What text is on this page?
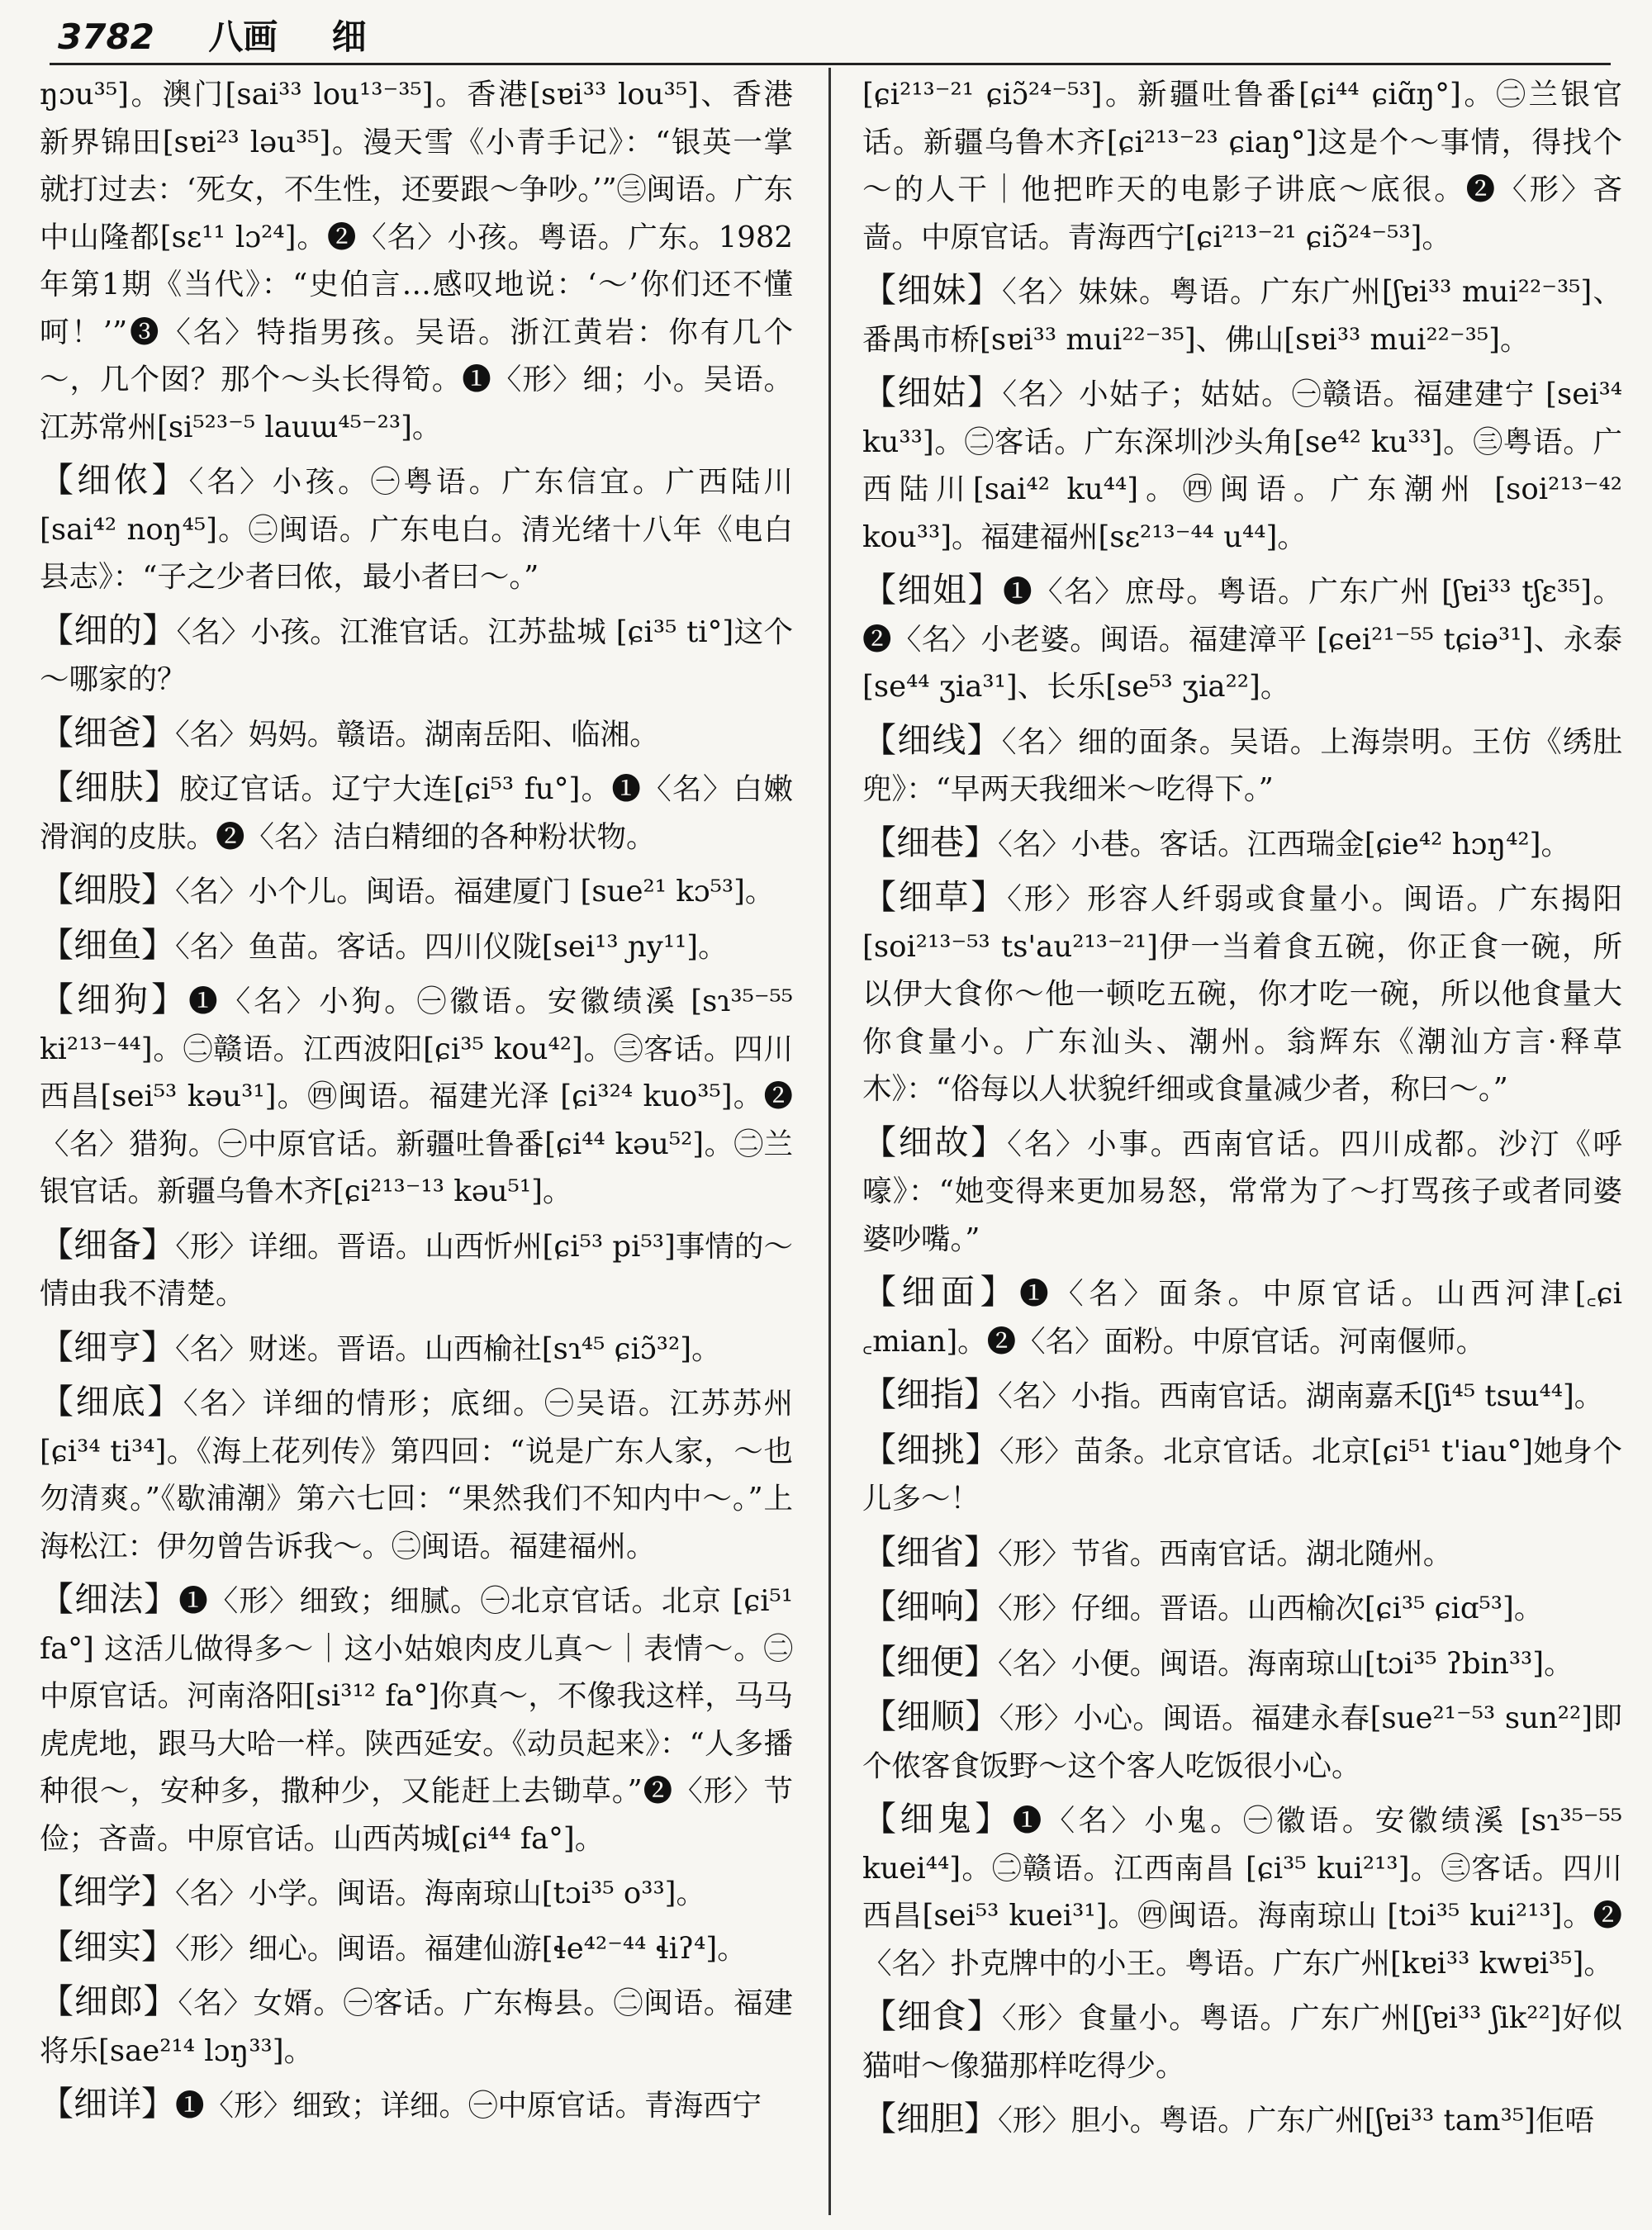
3782 八画 细

ŋɔu³⁵]。澳门[sai³³ lou¹³⁻³⁵]。香港[sɐi³³ lou³⁵]、香港新界锦田[sɐi²³ ləu³⁵]。漫天雪《小青手记》：“银英一掌就打过去：‘死女，不生性，还要跟～争吵。’”㊂闽语。广东中山隆都[sɛ¹¹ lɔ²⁴]。❷〈名〉小孩。粤语。广东。1982年第1期《当代》：“史伯言…感叹地说：‘～’你们还不懂呵！’”❸〈名〉特指男孩。吴语。浙江黄岩：你有几个～，几个囡？那个～头长得筍。❶〈形〉细；小。吴语。江苏常州[si⁵²³⁻⁵ lauɯ⁴⁵⁻²³]。

【 细侬 】 〈名〉小孩。㊀粤语。广东信宜。广西陆川[sai⁴² noŋ⁴⁵]。㊁闽语。广东电白。清光绪十八年《电白县志》：“子之少者曰侬，最小者曰～。”

【 细的 】 〈名〉小孩。江淮官话。江苏盐城 [ɕi³⁵ ti°]这个～哪家的？

【 细爸 】 〈名〉妈妈。赣语。湖南岳阳、临湘。

【 细肤 】 胶辽官话。辽宁大连[ɕi⁵³ fu°]。❶〈名〉白嫩滑润的皮肤。❷〈名〉洁白精细的各种粉状物。

【 细股 】 〈名〉小个儿。闽语。福建厦门 [sue²¹ kɔ⁵³]。

【 细鱼 】 〈名〉鱼苗。客话。四川仪陇[sei¹³ ɲy¹¹]。

【 细狗 】 ❶〈名〉小狗。㊀徽语。安徽绩溪 [sɿ³⁵⁻⁵⁵ ki²¹³⁻⁴⁴]。㊁赣语。江西波阳[ɕi³⁵ kou⁴²]。㊂客话。四川西昌[sei⁵³ kəu³¹]。㊃闽语。福建光泽 [ɕi³²⁴ kuo³⁵]。❷〈名〉猎狗。㊀中原官话。新疆吐鲁番[ɕi⁴⁴ kəu⁵²]。㊁兰银官话。新疆乌鲁木齐[ɕi²¹³⁻¹³ kəu⁵¹]。

【 细备 】 〈形〉详细。晋语。山西忻州[ɕi⁵³ pi⁵³]事情的～情由我不清楚。

【 细亨 】 〈名〉财迷。晋语。山西榆社[sɿ⁴⁵ ɕiɔ̃³²]。

【 细底 】 〈名〉详细的情形；底细。㊀吴语。江苏苏州[ɕi³⁴ ti³⁴]。《海上花列传》第四回：“说是广东人家，～也勿清爽。”《歇浦潮》第六七回：“果然我们不知内中～。”上海松江：伊勿曾告诉我～。㊁闽语。福建福州。

【 细法 】 ❶〈形〉细致；细腻。㊀北京官话。北京 [ɕi⁵¹ fa°] 这活儿做得多～｜这小姑娘肉皮儿真～｜表情～。㊁中原官话。河南洛阳[si³¹² fa°]你真～，不像我这样，马马虎虎地，跟马大哈一样。陕西延安。《动员起来》：“人多播种很～，安种多，撒种少，又能赶上去锄草。”❷〈形〉节俭；吝啬。中原官话。山西芮城[ɕi⁴⁴ fa°]。

【 细学 】 〈名〉小学。闽语。海南琼山[tɔi³⁵ o³³]。

【 细实 】 〈形〉细心。闽语。福建仙游[ɬe⁴²⁻⁴⁴ ɬiʔ⁴]。

【 细郎 】 〈名〉女婿。㊀客话。广东梅县。㊁闽语。福建将乐[sae²¹⁴ lɔŋ³³]。

【 细详 】 ❶〈形〉细致；详细。㊀中原官话。青海西宁

[ɕi²¹³⁻²¹ ɕiɔ̃²⁴⁻⁵³]。新疆吐鲁番[ɕi⁴⁴ ɕiɑ̃ŋ°]。㊁兰银官话。新疆乌鲁木齐[ɕi²¹³⁻²³ ɕiaŋ°]这是个～事情，得找个～的人干｜他把昨天的电影子讲底～底很。❷〈形〉吝啬。中原官话。青海西宁[ɕi²¹³⁻²¹ ɕiɔ̃²⁴⁻⁵³]。

【 细妹 】 〈名〉妹妹。粤语。广东广州[ʃɐi³³ mui²²⁻³⁵]、番禺市桥[sɐi³³ mui²²⁻³⁵]、佛山[sɐi³³ mui²²⁻³⁵]。

【 细姑 】 〈名〉小姑子；姑姑。㊀赣语。福建建宁 [sei³⁴ ku³³]。㊁客话。广东深圳沙头角[se⁴² ku³³]。㊂粤语。广西陆川[sai⁴² ku⁴⁴]。㊃闽语。广东潮州 [soi²¹³⁻⁴² kou³³]。福建福州[sɛ²¹³⁻⁴⁴ u⁴⁴]。

【 细姐 】 ❶〈名〉庶母。粤语。广东广州 [ʃɐi³³ tʃɛ³⁵]。❷〈名〉小老婆。闽语。福建漳平 [ɕei²¹⁻⁵⁵ tɕiə³¹]、永泰[se⁴⁴ ʒia³¹]、长乐[se⁵³ ʒia²²]。

【 细线 】 〈名〉细的面条。吴语。上海崇明。王仿《绣肚兜》：“早两天我细米～吃得下。”

【 细巷 】 〈名〉小巷。客话。江西瑞金[ɕie⁴² hɔŋ⁴²]。

【 细草 】 〈形〉形容人纤弱或食量小。闽语。广东揭阳[soi²¹³⁻⁵³ ts'au²¹³⁻²¹]伊一当着食五碗，你正食一碗，所以伊大食你～他一顿吃五碗，你才吃一碗，所以他食量大你食量小。广东汕头、潮州。翁辉东《潮汕方言·释草木》：“俗每以人状貌纤细或食量减少者，称曰～。”

【 细故 】 〈名〉小事。西南官话。四川成都。沙汀《呼嚎》：“她变得来更加易怒，常常为了～打骂孩子或者同婆婆吵嘴。”

【 细面 】 ❶〈名〉面条。中原官话。山西河津[꜀ɕi ꜀mian]。❷〈名〉面粉。中原官话。河南偃师。

【 细指 】 〈名〉小指。西南官话。湖南嘉禾[ʃi⁴⁵ tsɯ⁴⁴]。

【 细挑 】 〈形〉苗条。北京官话。北京[ɕi⁵¹ t'iau°]她身个儿多～！

【 细省 】 〈形〉节省。西南官话。湖北随州。

【 细响 】 〈形〉仔细。晋语。山西榆次[ɕi³⁵ ɕiɑ⁵³]。

【 细便 】 〈名〉小便。闽语。海南琼山[tɔi³⁵ ʔbin³³]。

【 细顺 】 〈形〉小心。闽语。福建永春[sue²¹⁻⁵³ sun²²]即个侬客食饭野～这个客人吃饭很小心。

【 细鬼 】 ❶〈名〉小鬼。㊀徽语。安徽绩溪 [sɿ³⁵⁻⁵⁵ kuei⁴⁴]。㊁赣语。江西南昌 [ɕi³⁵ kui²¹³]。㊂客话。四川西昌[sei⁵³ kuei³¹]。㊃闽语。海南琼山 [tɔi³⁵ kui²¹³]。❷〈名〉扑克牌中的小王。粤语。广东广州[kɐi³³ kwɐi³⁵]。

【 细食 】 〈形〉食量小。粤语。广东广州[ʃɐi³³ ʃik²²]好似猫咁～像猫那样吃得少。

【 细胆 】 〈形〉胆小。粤语。广东广州[ʃɐi³³ tam³⁵]佢唔
